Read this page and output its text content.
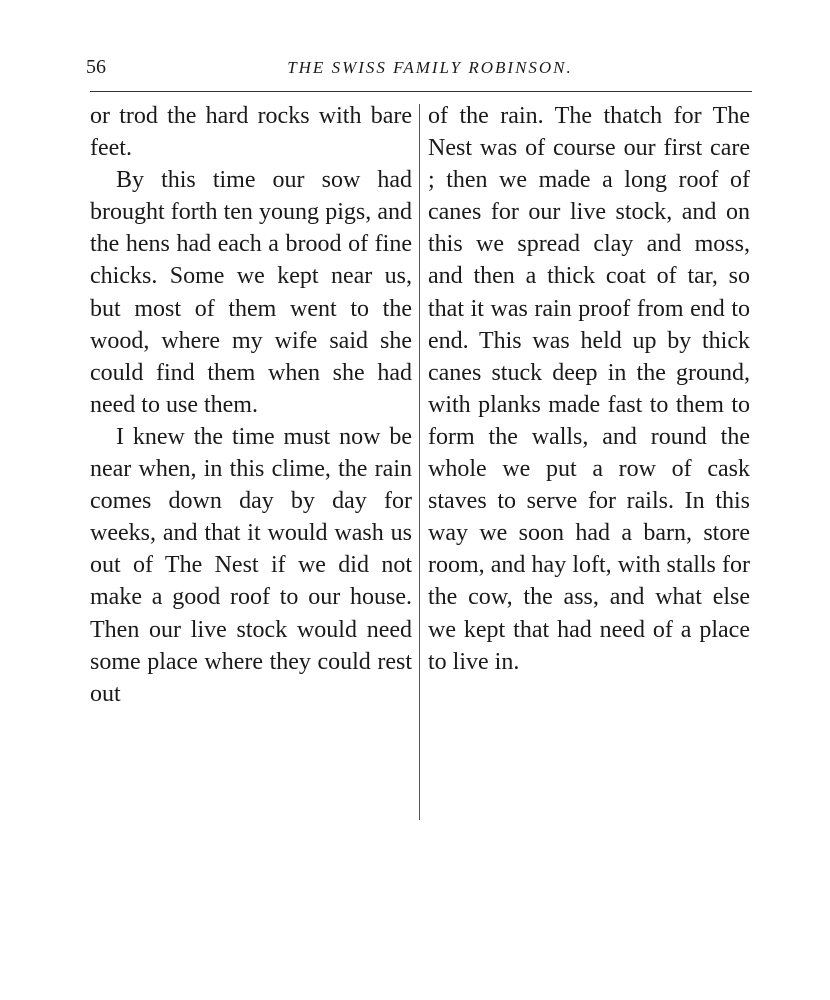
56	THE SWISS FAMILY ROBINSON.

or trod the hard rocks with bare feet.

By this time our sow had brought forth ten young pigs, and the hens had each a brood of fine chicks. Some we kept near us, but most of them went to the wood, where my wife said she could find them when she had need to use them.

I knew the time must now be near when, in this clime, the rain comes down day by day for weeks, and that it would wash us out of The Nest if we did not make a good roof to our house. Then our live stock would need some place where they could rest out

of the rain. The thatch for The Nest was of course our first care ; then we made a long roof of canes for our live stock, and on this we spread clay and moss, and then a thick coat of tar, so that it was rain proof from end to end. This was held up by thick canes stuck deep in the ground, with planks made fast to them to form the walls, and round the whole we put a row of cask staves to serve for rails. In this way we soon had a barn, store room, and hay loft, with stalls for the cow, the ass, and what else we kept that had need of a place to live in.
